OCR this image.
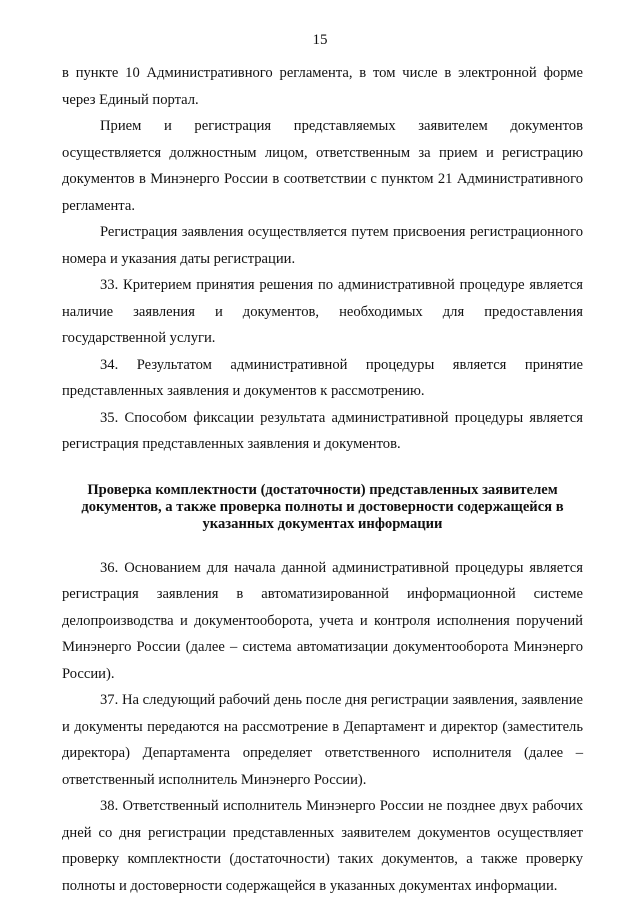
15

в пункте 10 Административного регламента, в том числе в электронной форме через Единый портал.

Прием и регистрация представляемых заявителем документов осуществляется должностным лицом, ответственным за прием и регистрацию документов в Минэнерго России в соответствии с пунктом 21 Административного регламента.

Регистрация заявления осуществляется путем присвоения регистрационного номера и указания даты регистрации.

33. Критерием принятия решения по административной процедуре является наличие заявления и документов, необходимых для предоставления государственной услуги.

34. Результатом административной процедуры является принятие представленных заявления и документов к рассмотрению.

35. Способом фиксации результата административной процедуры является регистрация представленных заявления и документов.

Проверка комплектности (достаточности) представленных заявителем документов, а также проверка полноты и достоверности содержащейся в указанных документах информации

36. Основанием для начала данной административной процедуры является регистрация заявления в автоматизированной информационной системе делопроизводства и документооборота, учета и контроля исполнения поручений Минэнерго России (далее – система автоматизации документооборота Минэнерго России).

37. На следующий рабочий день после дня регистрации заявления, заявление и документы передаются на рассмотрение в Департамент и директор (заместитель директора) Департамента определяет ответственного исполнителя (далее – ответственный исполнитель Минэнерго России).

38. Ответственный исполнитель Минэнерго России не позднее двух рабочих дней со дня регистрации представленных заявителем документов осуществляет проверку комплектности (достаточности) таких документов, а также проверку полноты и достоверности содержащейся в указанных документах информации.
